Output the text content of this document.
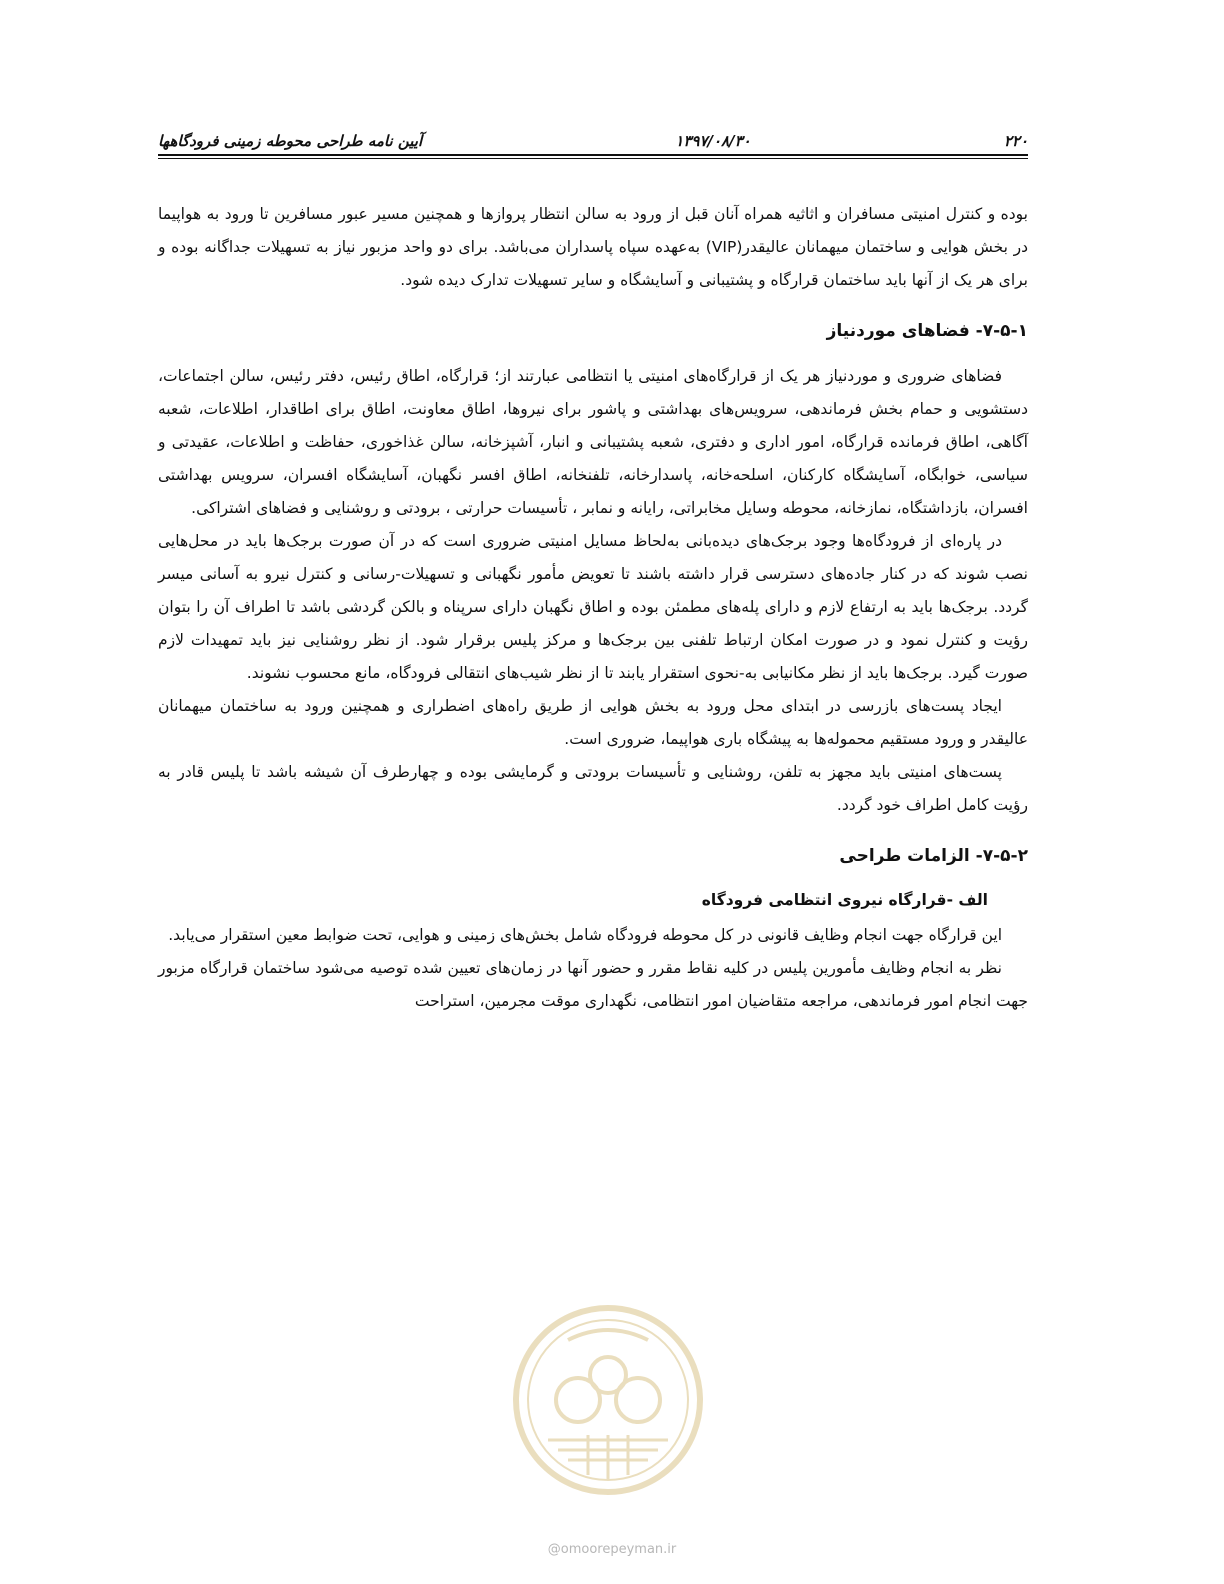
۲۲۰
۱۳۹۷/۰۸/۳۰
آیین نامه طراحی محوطه زمینی فرودگاهها

بوده و کنترل امنیتی مسافران و اثاثیه همراه آنان قبل از ورود به سالن انتظار پروازها و همچنین مسیر عبور مسافرین تا ورود به هواپیما در بخش هوایی و ساختمان میهمانان عالیقدر(VIP) به‌عهده سپاه پاسداران می‌باشد. برای دو واحد مزبور نیاز به تسهیلات جداگانه بوده و برای هر یک از آنها باید ساختمان قرارگاه و پشتیبانی و آسایشگاه و سایر تسهیلات تدارک دیده شود.

۷-۵-۱- فضاهای موردنیاز

فضاهای ضروری و موردنیاز هر یک از قرارگاه‌های امنیتی یا انتظامی عبارتند از؛ قرارگاه، اطاق رئیس، دفتر رئیس، سالن اجتماعات، دستشویی و حمام بخش فرماندهی، سرویس‌های بهداشتی و پاشور برای نیروها، اطاق معاونت، اطاق برای اطاقدار، اطلاعات، شعبه آگاهی، اطاق فرمانده قرارگاه، امور اداری و دفتری، شعبه پشتیبانی و انبار، آشپزخانه، سالن غذاخوری، حفاظت و اطلاعات، عقیدتی و سیاسی، خوابگاه، آسایشگاه کارکنان، اسلحه‌خانه، پاسدارخانه، تلفنخانه، اطاق افسر نگهبان، آسایشگاه افسران، سرویس بهداشتی افسران، بازداشتگاه، نمازخانه، محوطه وسایل مخابراتی، رایانه و نمابر ، تأسیسات حرارتی ، برودتی و روشنایی و فضاهای اشتراکی.

در پاره‌ای از فرودگاه‌ها وجود برجک‌های دیده‌بانی به‌لحاظ مسایل امنیتی ضروری است که در آن صورت برجک‌ها باید در محل‌هایی نصب شوند که در کنار جاده‌های دسترسی قرار داشته باشند تا تعویض مأمور نگهبانی و تسهیلات-رسانی و کنترل نیرو به آسانی میسر گردد. برجک‌ها باید به ارتفاع لازم و دارای پله‌های مطمئن بوده و اطاق نگهبان دارای سرپناه و بالکن گردشی باشد تا اطراف آن را بتوان رؤیت و کنترل نمود و در صورت امکان ارتباط تلفنی بین برجک‌ها و مرکز پلیس برقرار شود. از نظر روشنایی نیز باید تمهیدات لازم صورت گیرد. برجک‌ها باید از نظر مکانیابی به-نحوی استقرار یابند تا از نظر شیب‌های انتقالی فرودگاه، مانع محسوب نشوند.

ایجاد پست‌های بازرسی در ابتدای محل ورود به بخش هوایی از طریق راه‌های اضطراری و همچنین ورود به ساختمان میهمانان عالیقدر و ورود مستقیم محموله‌ها به پیشگاه باری هواپیما، ضروری است.

پست‌های امنیتی باید مجهز به تلفن، روشنایی و تأسیسات برودتی و گرمایشی بوده و چهارطرف آن شیشه باشد تا پلیس قادر به رؤیت کامل اطراف خود گردد.

۷-۵-۲- الزامات طراحی
الف -قرارگاه نیروی انتظامی فرودگاه

این قرارگاه جهت انجام وظایف قانونی در کل محوطه فرودگاه شامل بخش‌های زمینی و هوایی، تحت ضوابط معین استقرار می‌یابد.

نظر به انجام وظایف مأمورین پلیس در کلیه نقاط مقرر و حضور آنها در زمان‌های تعیین شده توصیه می‌شود ساختمان قرارگاه مزبور جهت انجام امور فرماندهی، مراجعه متقاضیان امور انتظامی، نگهداری موقت مجرمین، استراحت

@omoorepeyman.ir
